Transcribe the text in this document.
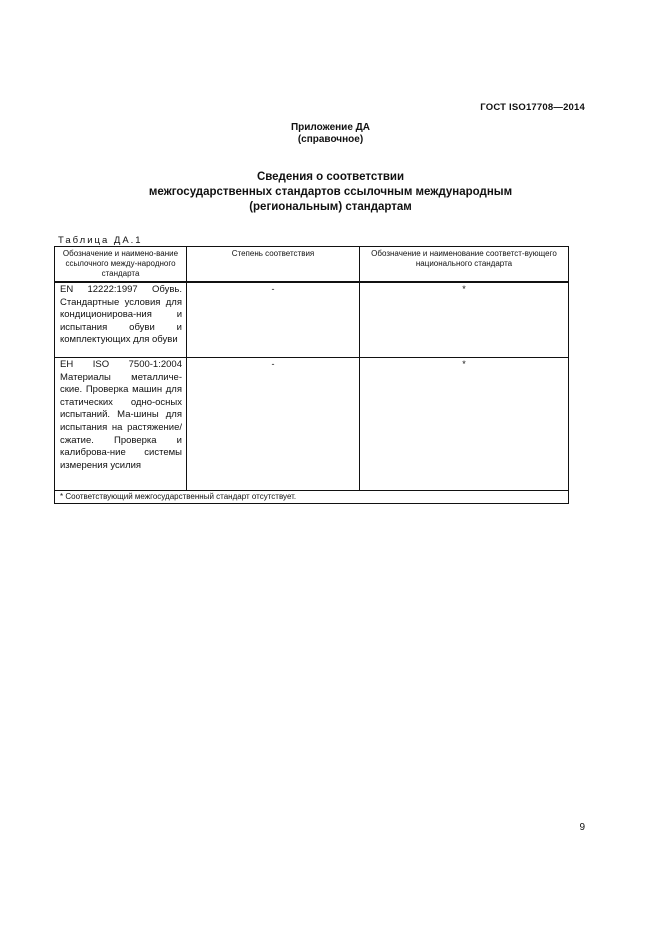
ГОСТ ISO17708—2014
Приложение ДА
(справочное)
Сведения о соответствии
межгосударственных стандартов ссылочным международным
(региональным) стандартам
Таблица ДА.1
Обозначение и наимено-вание ссылочного между-народного стандарта	Степень соответствия	Обозначение и наименование соответст-вующего национального стандарта
EN 12222:1997 Обувь. Стандартные условия для кондиционирова-ния и испытания обуви и комплектующих для обуви	-	*
EH ISO 7500-1:2004 Материалы металличе-ские. Проверка машин для статических одно-осных испытаний. Ма-шины для испытания на растяжение/сжатие. Проверка и калиброва-ние системы измерения усилия	-	*
* Соответствующий межгосударственный стандарт отсутствует.		
9
